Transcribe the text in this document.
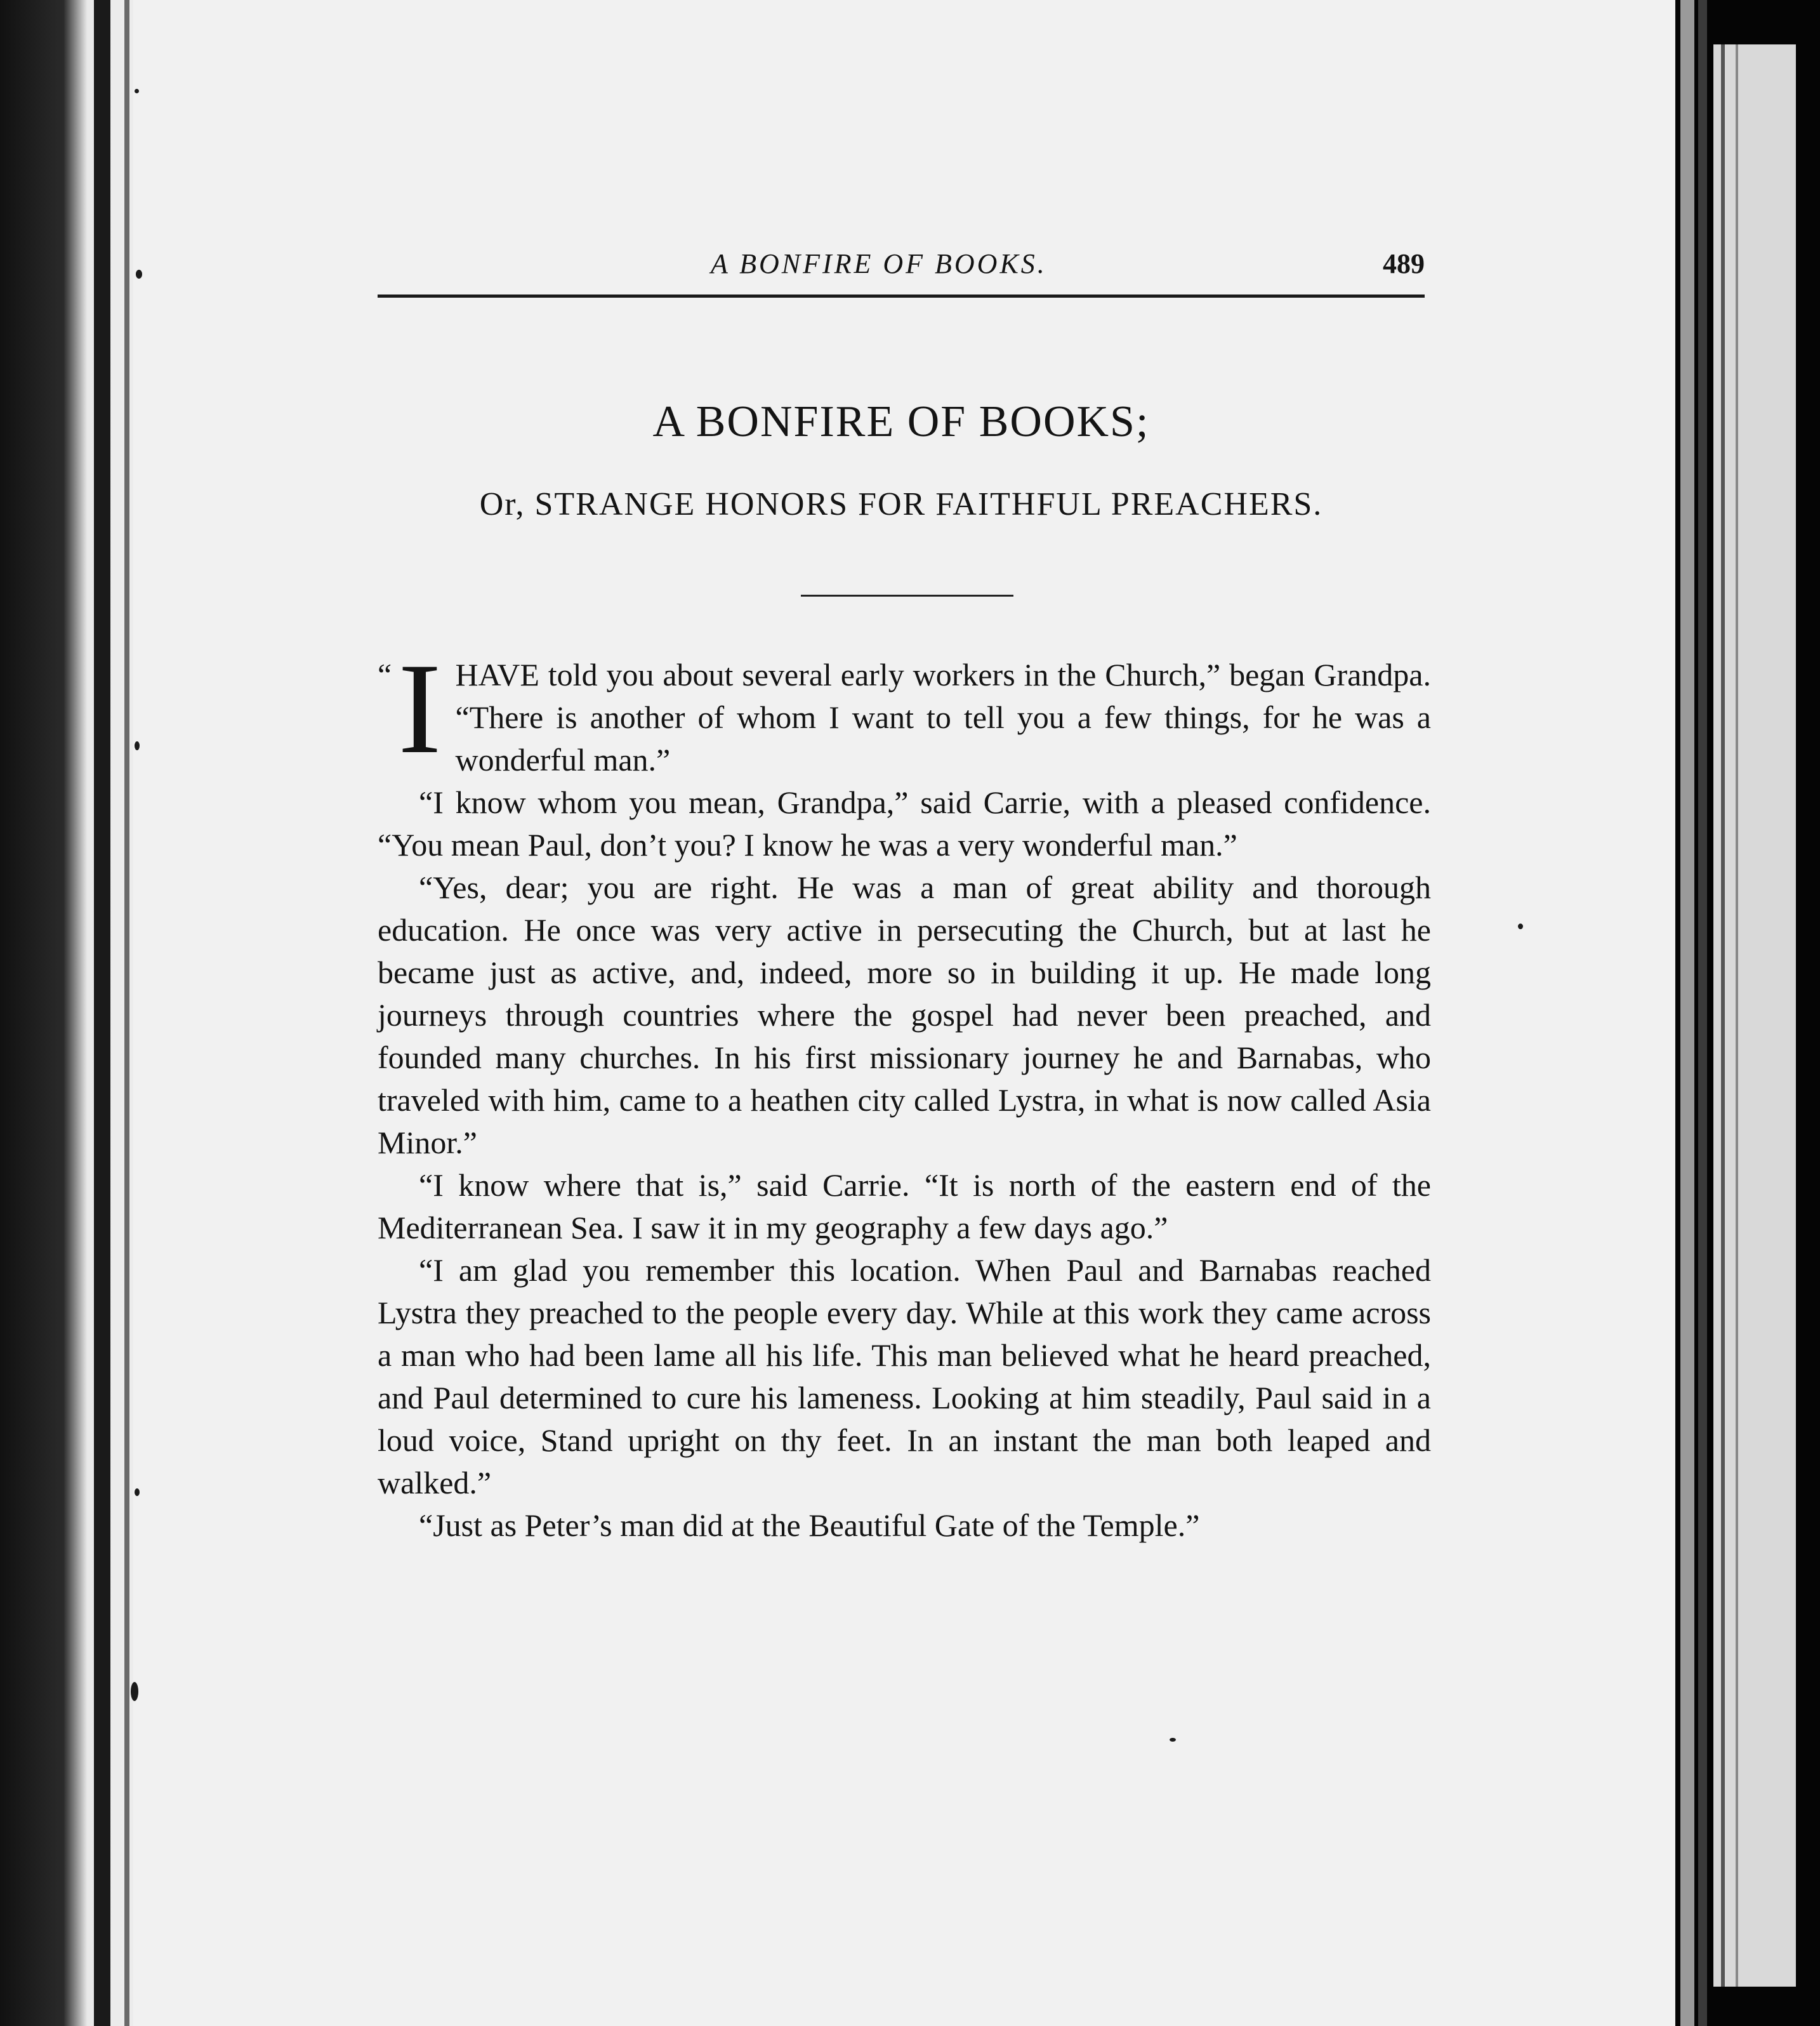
A BONFIRE OF BOOKS.	489
A BONFIRE OF BOOKS;
Or, STRANGE HONORS FOR FAITHFUL PREACHERS.

“ I HAVE told you about several early workers in the Church,” began Grandpa. “There is another of whom I want to tell you a few things, for he was a wonderful man.”

“I know whom you mean, Grandpa,” said Carrie, with a pleased confidence. “You mean Paul, don’t you? I know he was a very wonderful man.”

“Yes, dear; you are right. He was a man of great ability and thorough education. He once was very active in persecuting the Church, but at last he became just as active, and, indeed, more so in building it up. He made long journeys through countries where the gospel had never been preached, and founded many churches. In his first missionary journey he and Barnabas, who traveled with him, came to a heathen city called Lystra, in what is now called Asia Minor.”

“I know where that is,” said Carrie. “It is north of the eastern end of the Mediterranean Sea. I saw it in my geography a few days ago.”

“I am glad you remember this location. When Paul and Barnabas reached Lystra they preached to the people every day. While at this work they came across a man who had been lame all his life. This man believed what he heard preached, and Paul determined to cure his lameness. Looking at him steadily, Paul said in a loud voice, Stand upright on thy feet. In an instant the man both leaped and walked.”

“Just as Peter’s man did at the Beautiful Gate of the Temple.”
